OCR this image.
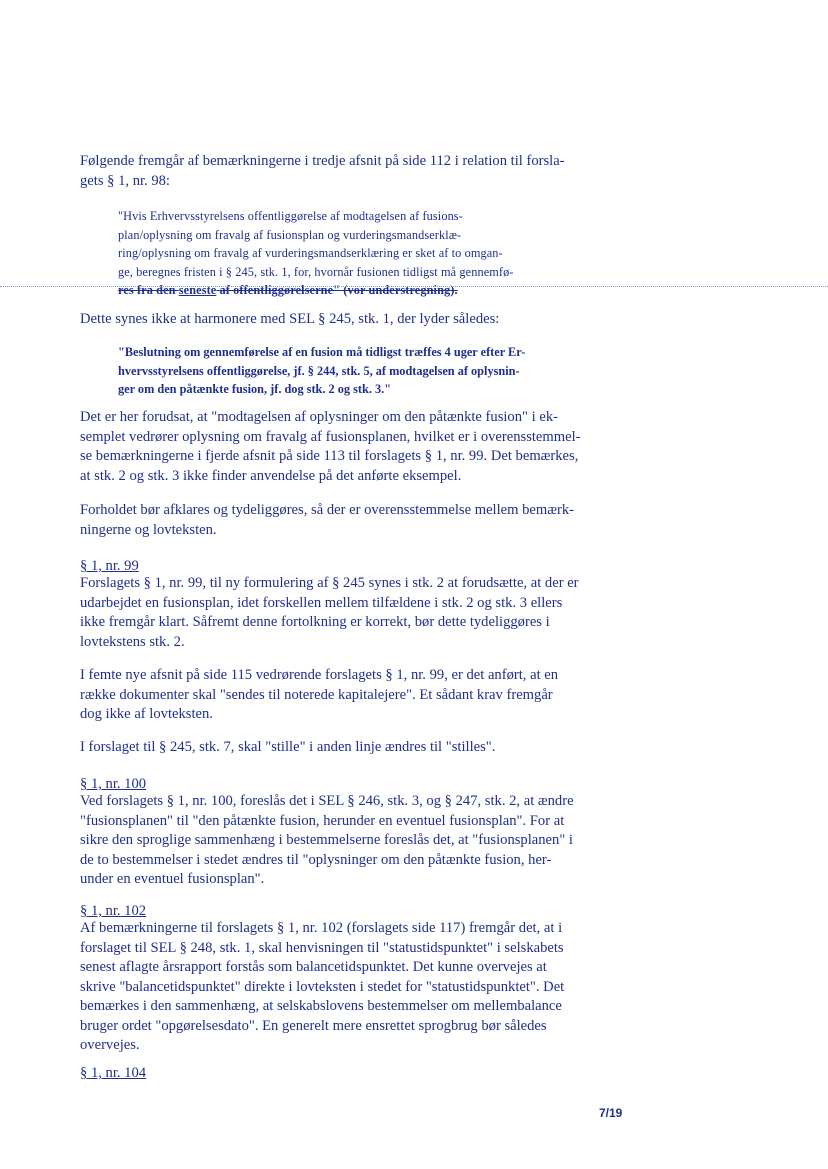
Følgende fremgår af bemærkningerne i tredje afsnit på side 112 i relation til forsla-
gets § 1, nr. 98:

"Hvis Erhvervsstyrelsens offentliggørelse af modtagelsen af fusions-
plan/oplysning om fravalg af fusionsplan og vurderingsmandserklæ-
ring/oplysning om fravalg af vurderingsmandserklæring er sket af to omgan-
ge, beregnes fristen i § 245, stk. 1, for, hvornår fusionen tidligst må gennemfø-
res fra den seneste af offentliggørelserne" (vor understregning).

Dette synes ikke at harmonere med SEL § 245, stk. 1, der lyder således:

"Beslutning om gennemførelse af en fusion må tidligst træffes 4 uger efter Er-
hvervsstyrelsens offentliggørelse, jf. § 244, stk. 5, af modtagelsen af oplysnin-
ger om den påtænkte fusion, jf. dog stk. 2 og stk. 3."

Det er her forudsat, at "modtagelsen af oplysninger om den påtænkte fusion" i ek-
semplet vedrører oplysning om fravalg af fusionsplanen, hvilket er i overensstemmel-
se bemærkningerne i fjerde afsnit på side 113 til forslagets § 1, nr. 99. Det bemærkes,
at stk. 2 og stk. 3 ikke finder anvendelse på det anførte eksempel.

Forholdet bør afklares og tydeliggøres, så der er overensstemmelse mellem bemærk-
ningerne og lovteksten.

§ 1, nr. 99

Forslagets § 1, nr. 99, til ny formulering af § 245 synes i stk. 2 at forudsætte, at der er
udarbejdet en fusionsplan, idet forskellen mellem tilfældene i stk. 2 og stk. 3 ellers
ikke fremgår klart. Såfremt denne fortolkning er korrekt, bør dette tydeliggøres i
lovtekstens stk. 2.

I femte nye afsnit på side 115 vedrørende forslagets § 1, nr. 99, er det anført, at en
række dokumenter skal "sendes til noterede kapitalejere". Et sådant krav fremgår
dog ikke af lovteksten.

I forslaget til § 245, stk. 7, skal "stille" i anden linje ændres til "stilles".

§ 1, nr. 100

Ved forslagets § 1, nr. 100, foreslås det i SEL § 246, stk. 3, og § 247, stk. 2, at ændre
"fusionsplanen" til "den påtænkte fusion, herunder en eventuel fusionsplan". For at
sikre den sproglige sammenhæng i bestemmelserne foreslås det, at "fusionsplanen" i
de to bestemmelser i stedet ændres til "oplysninger om den påtænkte fusion, her-
under en eventuel fusionsplan".

§ 1, nr. 102

Af bemærkningerne til forslagets § 1, nr. 102 (forslagets side 117) fremgår det, at i
forslaget til SEL § 248, stk. 1, skal henvisningen til "statustidspunktet" i selskabets
senest aflagte årsrapport forstås som balancetidspunktet. Det kunne overvejes at
skrive "balancetidspunktet" direkte i lovteksten i stedet for "statustidspunktet". Det
bemærkes i den sammenhæng, at selskabslovens bestemmelser om mellembalance
bruger ordet "opgørelsesdato". En generelt mere ensrettet sprogbrug bør således
overvejes.

§ 1, nr. 104

7/19
